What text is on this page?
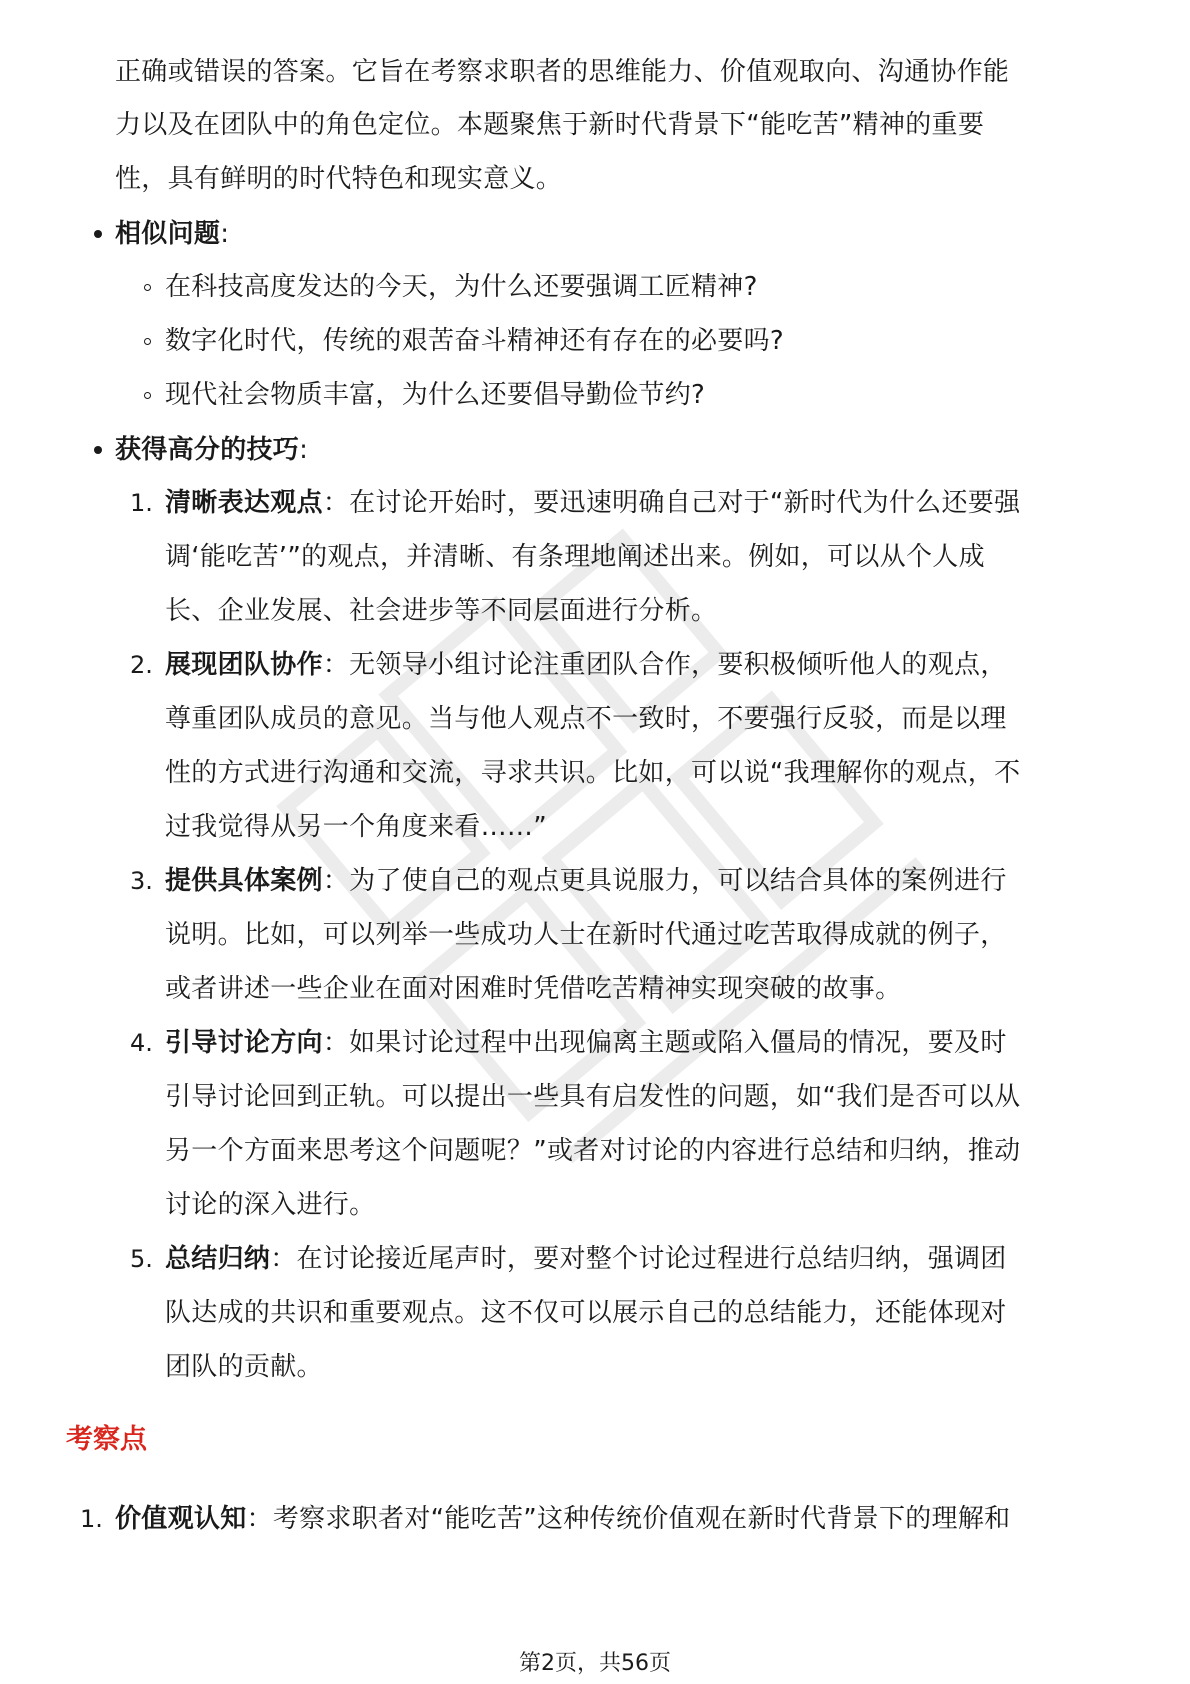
正确或错误的答案。它旨在考察求职者的思维能力、价值观取向、沟通协作能
力以及在团队中的角色定位。本题聚焦于新时代背景下“能吃苦”精神的重要
性，具有鲜明的时代特色和现实意义。
相似问题:
在科技高度发达的今天，为什么还要强调工匠精神?
数字化时代，传统的艰苦奋斗精神还有存在的必要吗?
现代社会物质丰富，为什么还要倡导勤俭节约?
获得高分的技巧:
1. 清晰表达观点：在讨论开始时，要迅速明确自己对于“新时代为什么还要强
调‘能吃苦’”的观点，并清晰、有条理地阐述出来。例如，可以从个人成
长、企业发展、社会进步等不同层面进行分析。
2. 展现团队协作：无领导小组讨论注重团队合作，要积极倾听他人的观点，
尊重团队成员的意见。当与他人观点不一致时，不要强行反驳，而是以理
性的方式进行沟通和交流，寻求共识。比如，可以说“我理解你的观点，不
过我觉得从另一个角度来看……”
3. 提供具体案例：为了使自己的观点更具说服力，可以结合具体的案例进行
说明。比如，可以列举一些成功人士在新时代通过吃苦取得成就的例子，
或者讲述一些企业在面对困难时凭借吃苦精神实现突破的故事。
4. 引导讨论方向：如果讨论过程中出现偏离主题或陷入僵局的情况，要及时
引导讨论回到正轨。可以提出一些具有启发性的问题，如“我们是否可以从
另一个方面来思考这个问题呢？”或者对讨论的内容进行总结和归纳，推动
讨论的深入进行。
5. 总结归纳：在讨论接近尾声时，要对整个讨论过程进行总结归纳，强调团
队达成的共识和重要观点。这不仅可以展示自己的总结能力，还能体现对
团队的贡献。
考察点
1. 价值观认知：考察求职者对“能吃苦”这种传统价值观在新时代背景下的理解和
第2页，共56页
